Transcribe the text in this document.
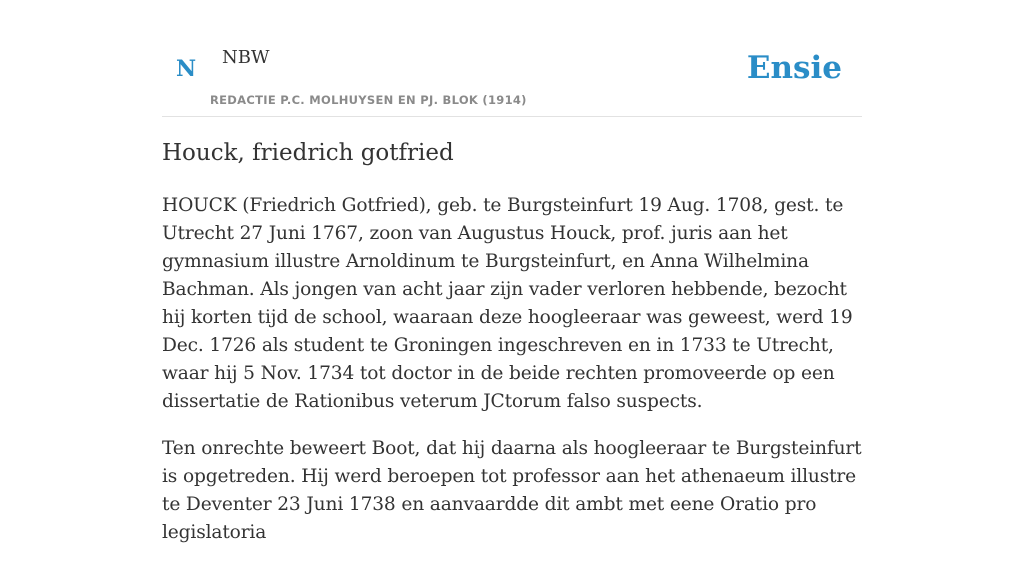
N NBW
REDACTIE P.C. MOLHUYSEN EN PJ. BLOK (1914)
Ensie
Houck, friedrich gotfried

HOUCK (Friedrich Gotfried), geb. te Burgsteinfurt 19 Aug. 1708, gest. te Utrecht 27 Juni 1767, zoon van Augustus Houck, prof. juris aan het gymnasium illustre Arnoldinum te Burgsteinfurt, en Anna Wilhelmina Bachman. Als jongen van acht jaar zijn vader verloren hebbende, bezocht hij korten tijd de school, waaraan deze hoogleeraar was geweest, werd 19 Dec. 1726 als student te Groningen ingeschreven en in 1733 te Utrecht, waar hij 5 Nov. 1734 tot doctor in de beide rechten promoveerde op een dissertatie de Rationibus veterum JCtorum falso suspects.

Ten onrechte beweert Boot, dat hij daarna als hoogleeraar te Burgsteinfurt is opgetreden. Hij werd beroepen tot professor aan het athenaeum illustre te Deventer 23 Juni 1738 en aanvaardde dit ambt met eene Oratio pro legislatoria
